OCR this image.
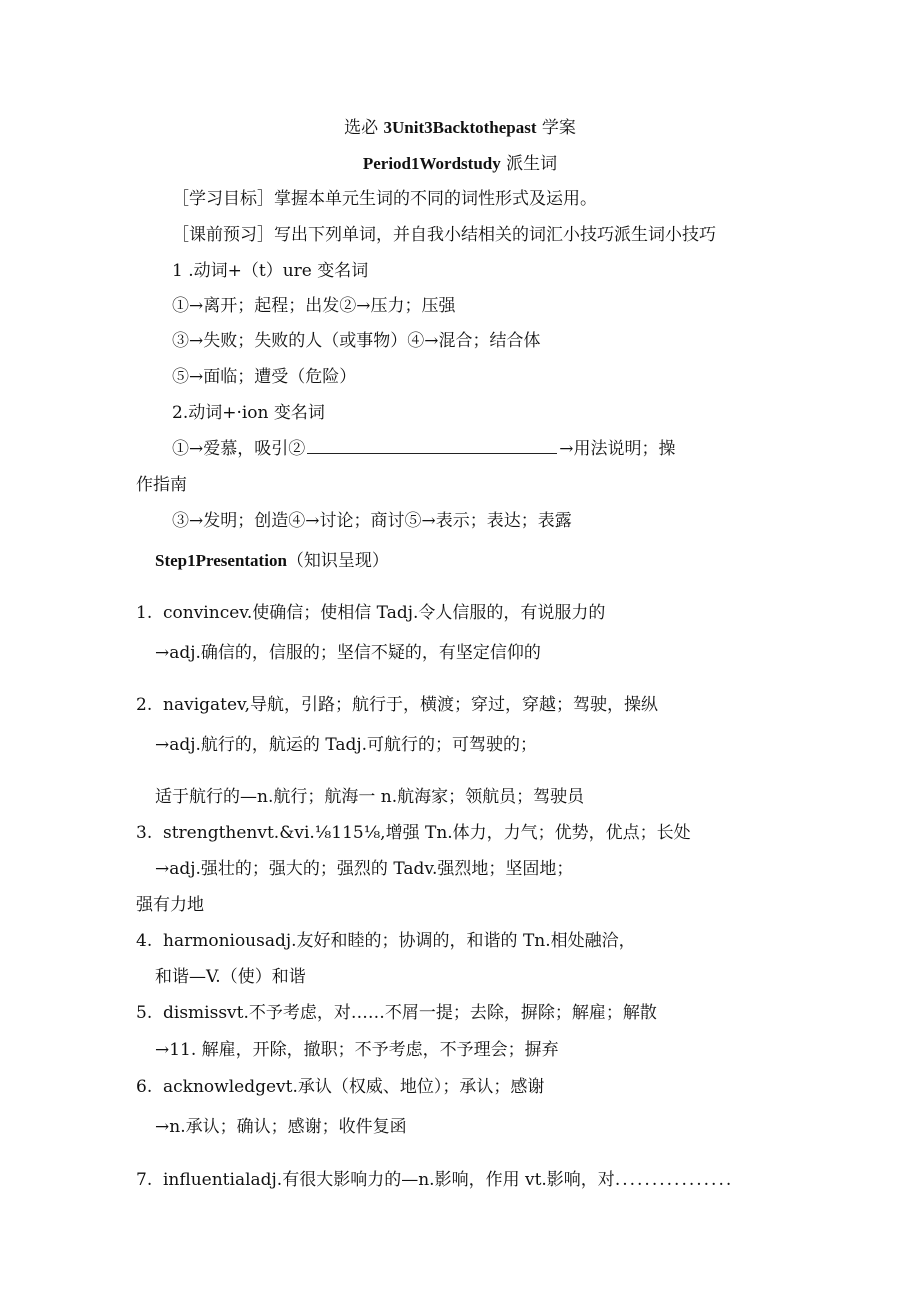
选必 3Unit3Backtothepast 学案
Period1Wordstudy 派生词
［学习目标］掌握本单元生词的不同的词性形式及运用。
［课前预习］写出下列单词，并自我小结相关的词汇小技巧派生词小技巧
1 .动词+（t）ure 变名词
①→离开；起程；出发②→压力；压强
③→失败；失败的人（或事物）④→混合；结合体
⑤→面临；遭受（危险）
2.动词+·ion 变名词
①→爱慕，吸引②	→用法说明；操
作指南
③→发明；创造④→讨论；商讨⑤→表示；表达；表露
Step1Presentation（知识呈现）
1. convincev.使确信；使相信 Tadj.令人信服的，有说服力的
→adj.确信的，信服的；坚信不疑的，有坚定信仰的
2. navigatev,导航，引路；航行于，横渡；穿过，穿越；驾驶，操纵
→adj.航行的，航运的 Tadj.可航行的；可驾驶的；
适于航行的—n.航行；航海一 n.航海家；领航员；驾驶员
3. strengthenvt.&vi.⅛115⅛,增强 Tn.体力，力气；优势，优点；长处
→adj.强壮的；强大的；强烈的 Tadv.强烈地；坚固地；
强有力地
4. harmoniousadj.友好和睦的；协调的，和谐的 Tn.相处融洽，
和谐—V.（使）和谐
5. dismissvt.不予考虑，对……不屑一提；去除，摒除；解雇；解散
→11. 解雇，开除，撤职；不予考虑，不予理会；摒弃
6. acknowledgevt.承认（权威、地位）；承认；感谢
→n.承认；确认；感谢；收件复函
7. influentialadj.有很大影响力的—n.影响，作用 vt.影响，对................
